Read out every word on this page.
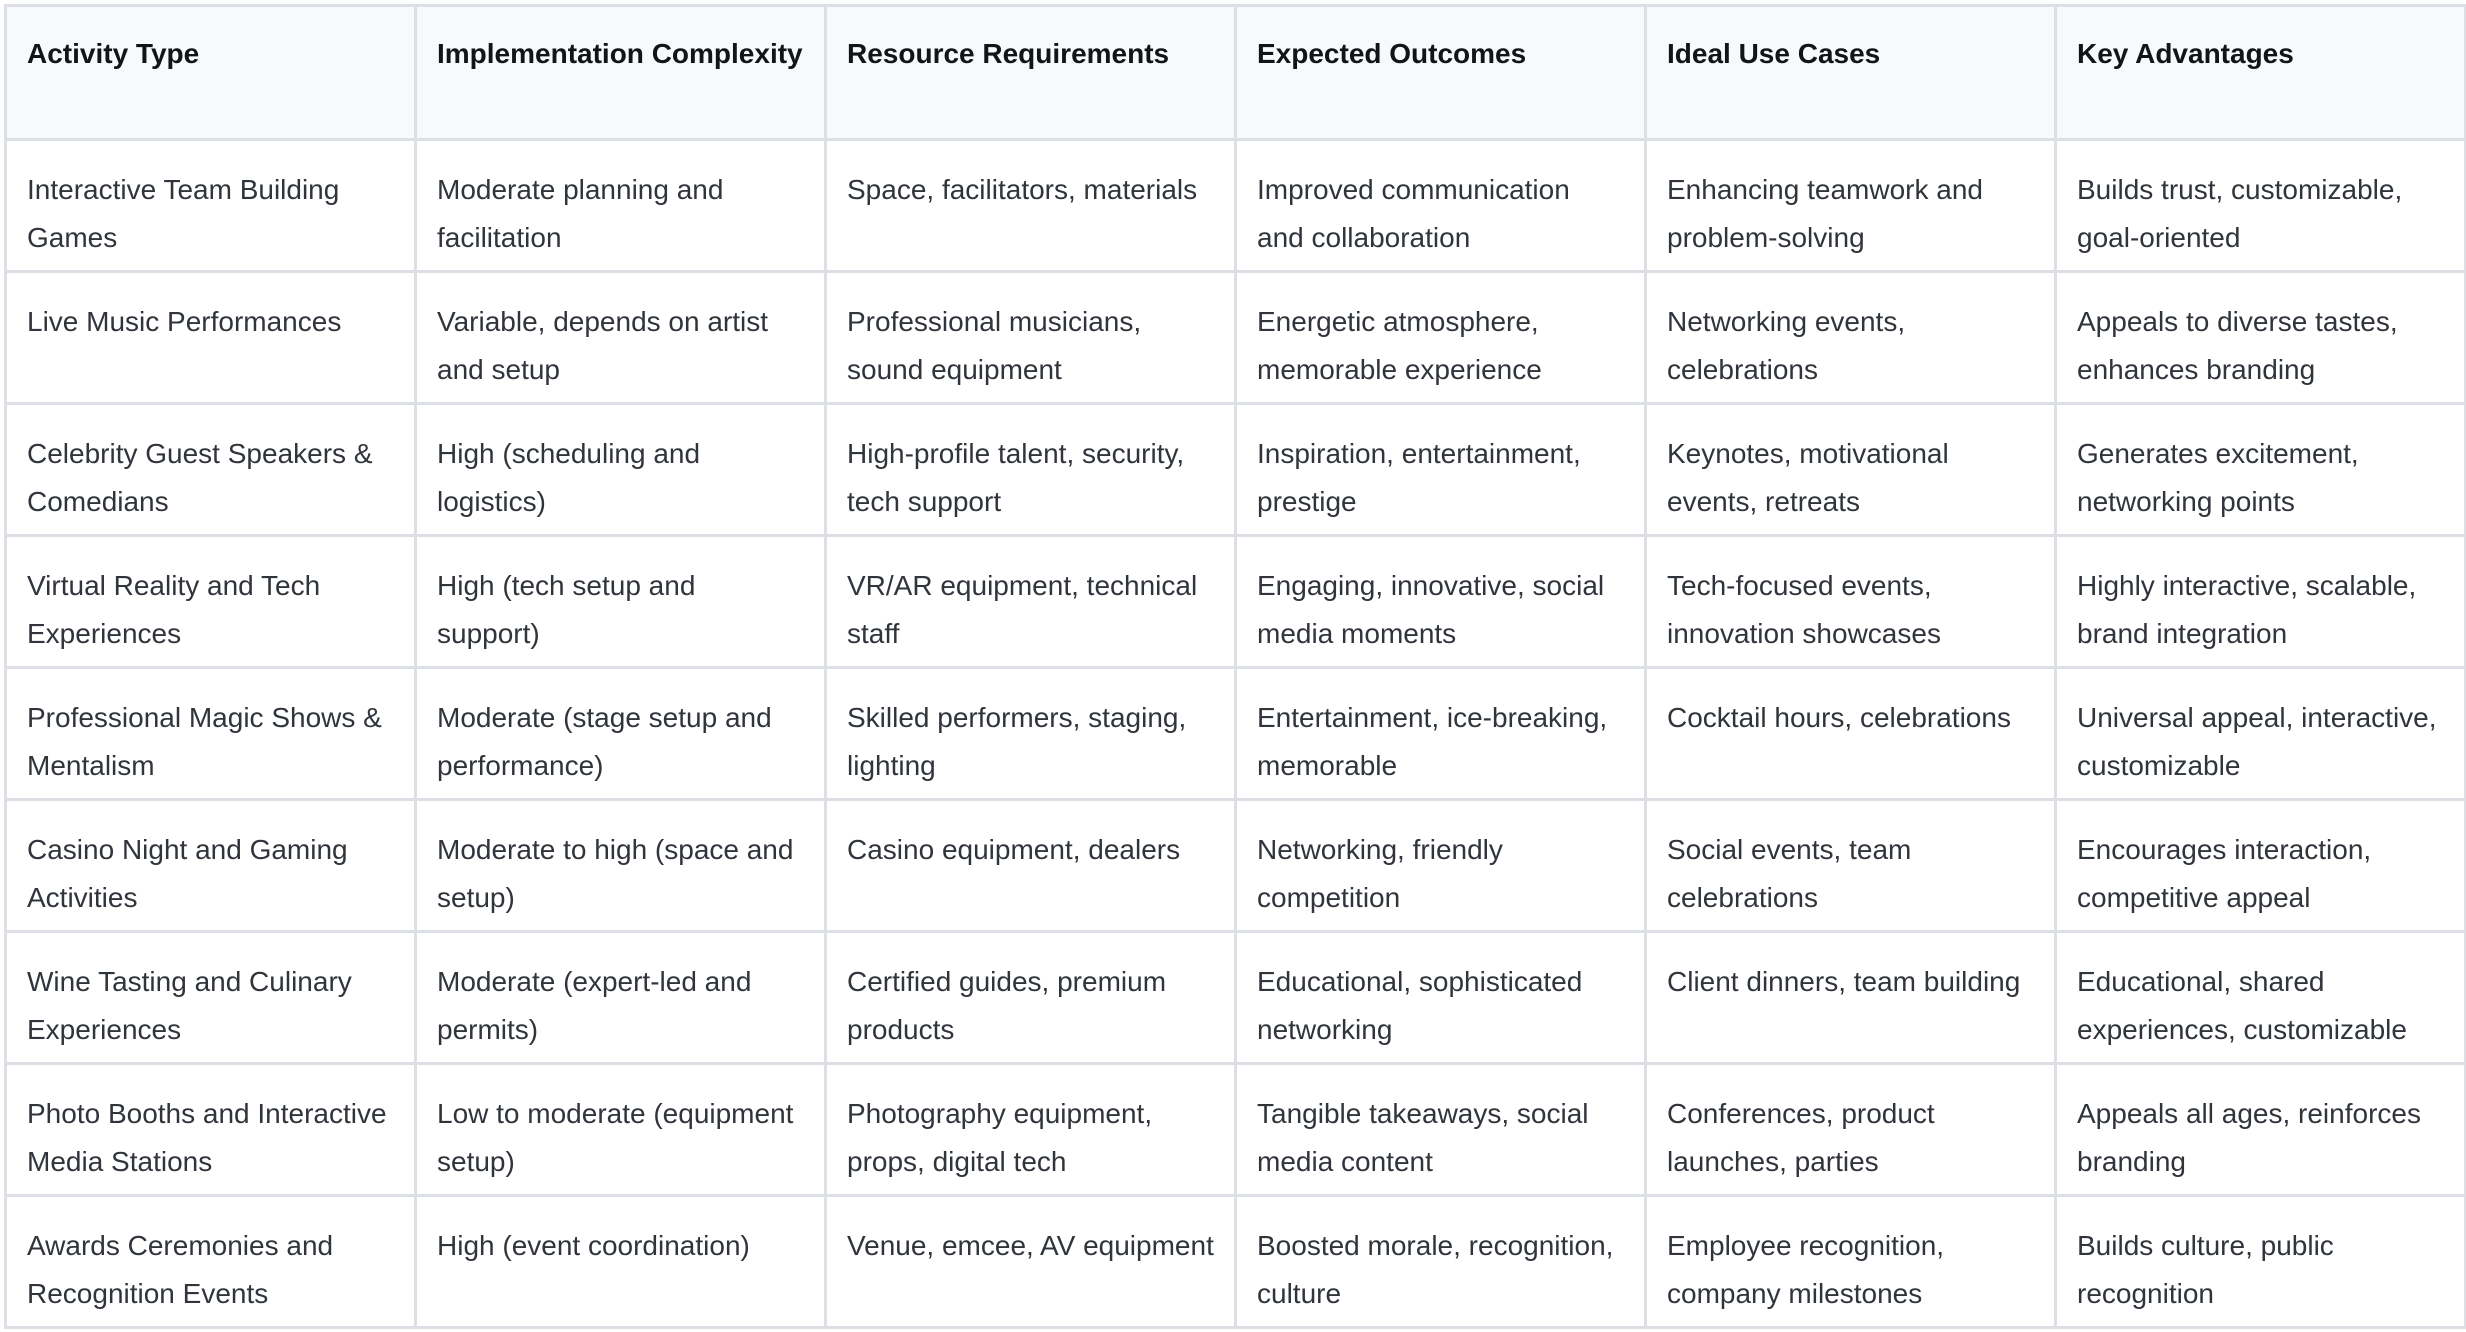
Activity Type	Implementation Complexity	Resource Requirements	Expected Outcomes	Ideal Use Cases	Key Advantages
Interactive Team Building Games	Moderate planning and facilitation	Space, facilitators, materials	Improved communication and collaboration	Enhancing teamwork and problem-solving	Builds trust, customizable, goal-oriented
Live Music Performances	Variable, depends on artist and setup	Professional musicians, sound equipment	Energetic atmosphere, memorable experience	Networking events, celebrations	Appeals to diverse tastes, enhances branding
Celebrity Guest Speakers & Comedians	High (scheduling and logistics)	High-profile talent, security, tech support	Inspiration, entertainment, prestige	Keynotes, motivational events, retreats	Generates excitement, networking points
Virtual Reality and Tech Experiences	High (tech setup and support)	VR/AR equipment, technical staff	Engaging, innovative, social media moments	Tech-focused events, innovation showcases	Highly interactive, scalable, brand integration
Professional Magic Shows & Mentalism	Moderate (stage setup and performance)	Skilled performers, staging, lighting	Entertainment, ice-breaking, memorable	Cocktail hours, celebrations	Universal appeal, interactive, customizable
Casino Night and Gaming Activities	Moderate to high (space and setup)	Casino equipment, dealers	Networking, friendly competition	Social events, team celebrations	Encourages interaction, competitive appeal
Wine Tasting and Culinary Experiences	Moderate (expert-led and permits)	Certified guides, premium products	Educational, sophisticated networking	Client dinners, team building	Educational, shared experiences, customizable
Photo Booths and Interactive Media Stations	Low to moderate (equipment setup)	Photography equipment, props, digital tech	Tangible takeaways, social media content	Conferences, product launches, parties	Appeals all ages, reinforces branding
Awards Ceremonies and Recognition Events	High (event coordination)	Venue, emcee, AV equipment	Boosted morale, recognition, culture	Employee recognition, company milestones	Builds culture, public recognition
